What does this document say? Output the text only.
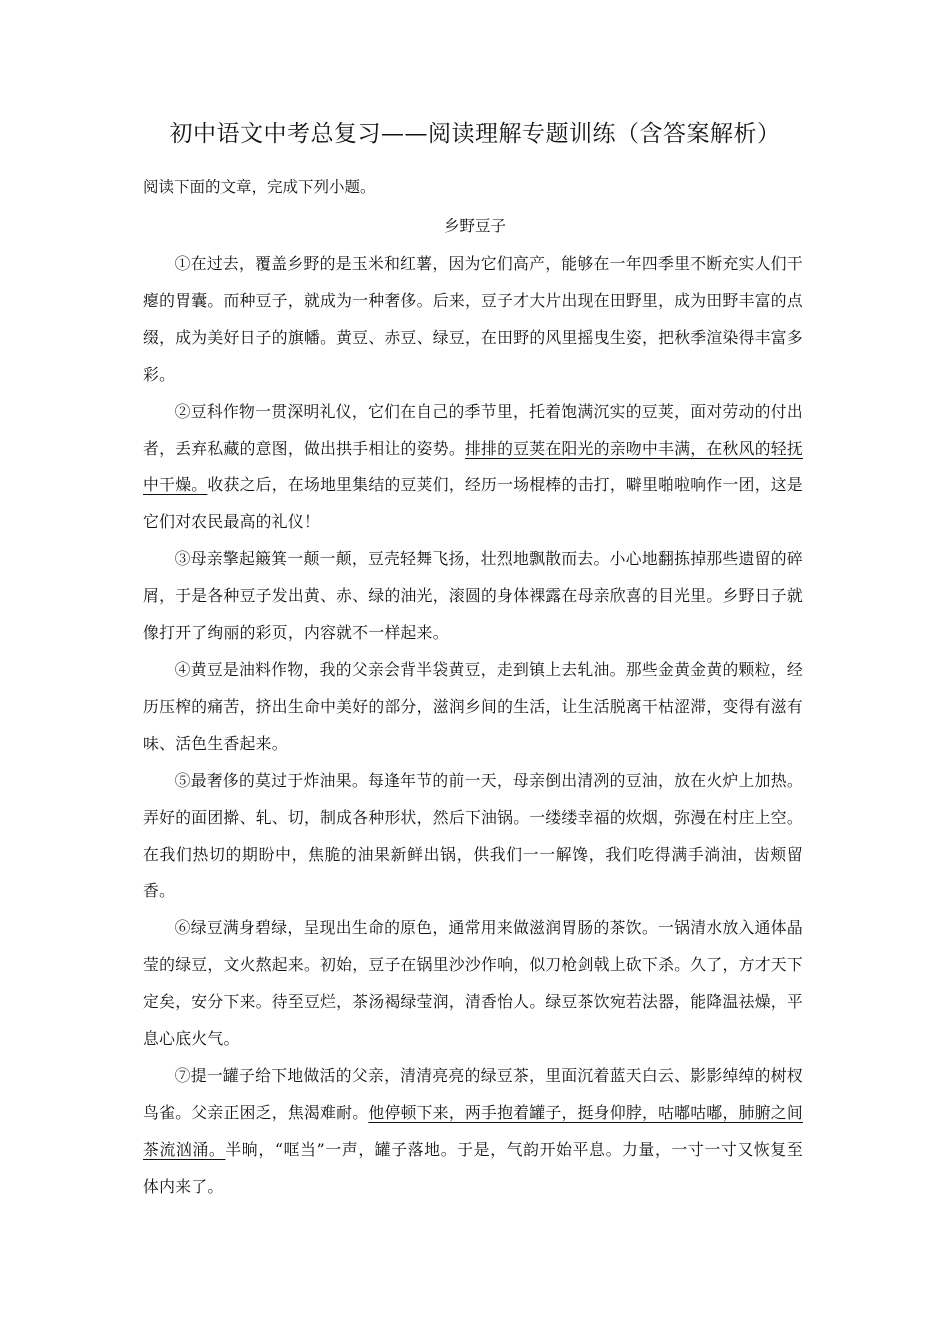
初中语文中考总复习——阅读理解专题训练（含答案解析）
阅读下面的文章，完成下列小题。
乡野豆子

①在过去，覆盖乡野的是玉米和红薯，因为它们高产，能够在一年四季里不断充实人们干瘪的胃囊。而种豆子，就成为一种奢侈。后来，豆子才大片出现在田野里，成为田野丰富的点缀，成为美好日子的旗幡。黄豆、赤豆、绿豆，在田野的风里摇曳生姿，把秋季渲染得丰富多彩。

②豆科作物一贯深明礼仪，它们在自己的季节里，托着饱满沉实的豆荚，面对劳动的付出者，丢弃私藏的意图，做出拱手相让的姿势。排排的豆荚在阳光的亲吻中丰满，在秋风的轻抚中干燥。收获之后，在场地里集结的豆荚们，经历一场棍棒的击打，噼里啪啦响作一团，这是它们对农民最高的礼仪！

③母亲擎起簸箕一颠一颠，豆壳轻舞飞扬，壮烈地飘散而去。小心地翻拣掉那些遗留的碎屑，于是各种豆子发出黄、赤、绿的油光，滚圆的身体裸露在母亲欣喜的目光里。乡野日子就像打开了绚丽的彩页，内容就不一样起来。

④黄豆是油料作物，我的父亲会背半袋黄豆，走到镇上去轧油。那些金黄金黄的颗粒，经历压榨的痛苦，挤出生命中美好的部分，滋润乡间的生活，让生活脱离干枯涩滞，变得有滋有味、活色生香起来。

⑤最奢侈的莫过于炸油果。每逢年节的前一天，母亲倒出清冽的豆油，放在火炉上加热。弄好的面团擀、轧、切，制成各种形状，然后下油锅。一缕缕幸福的炊烟，弥漫在村庄上空。在我们热切的期盼中，焦脆的油果新鲜出锅，供我们一一解馋，我们吃得满手淌油，齿颊留香。

⑥绿豆满身碧绿，呈现出生命的原色，通常用来做滋润胃肠的茶饮。一锅清水放入通体晶莹的绿豆，文火熬起来。初始，豆子在锅里沙沙作响，似刀枪剑戟上砍下杀。久了，方才天下定矣，安分下来。待至豆烂，茶汤褐绿莹润，清香怡人。绿豆茶饮宛若法器，能降温祛燥，平息心底火气。

⑦提一罐子给下地做活的父亲，清清亮亮的绿豆茶，里面沉着蓝天白云、影影绰绰的树杈鸟雀。父亲正困乏，焦渴难耐。他停顿下来，两手抱着罐子，挺身仰脖，咕嘟咕嘟，肺腑之间茶流汹涌。半晌，“哐当”一声，罐子落地。于是，气韵开始平息。力量，一寸一寸又恢复至体内来了。
